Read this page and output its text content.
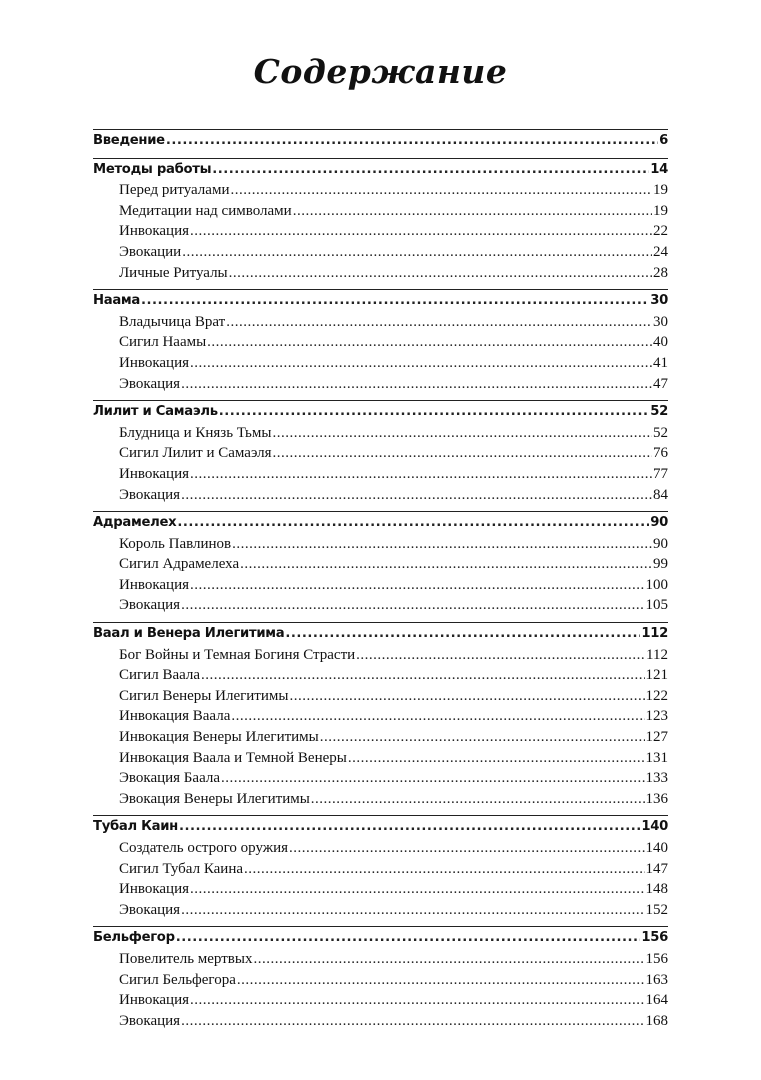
Содержание
Введение .....	6
Методы работы .....	14
Перед ритуалами .....	19
Медитации над символами .....	19
Инвокация .....	22
Эвокации .....	24
Личные Ритуалы .....	28
Наама .....	30
Владычица Врат .....	30
Сигил Наамы .....	40
Инвокация .....	41
Эвокация .....	47
Лилит и Самаэль .....	52
Блудница и Князь Тьмы .....	52
Сигил Лилит и Самаэля .....	76
Инвокация .....	77
Эвокация .....	84
Адрамелех .....	90
Король Павлинов .....	90
Сигил Адрамелеха .....	99
Инвокация .....	100
Эвокация .....	105
Ваал и Венера Илегитима .....	112
Бог Войны и Темная Богиня Страсти .....	112
Сигил Ваала .....	121
Сигил Венеры Илегитимы .....	122
Инвокация Ваала .....	123
Инвокация Венеры Илегитимы .....	127
Инвокация Ваала и Темной Венеры .....	131
Эвокация Баала .....	133
Эвокация Венеры Илегитимы .....	136
Тубал Каин .....	140
Создатель острого оружия .....	140
Сигил Тубал Каина .....	147
Инвокация .....	148
Эвокация .....	152
Бельфегор .....	156
Повелитель мертвых .....	156
Сигил Бельфегора .....	163
Инвокация .....	164
Эвокация .....	168
